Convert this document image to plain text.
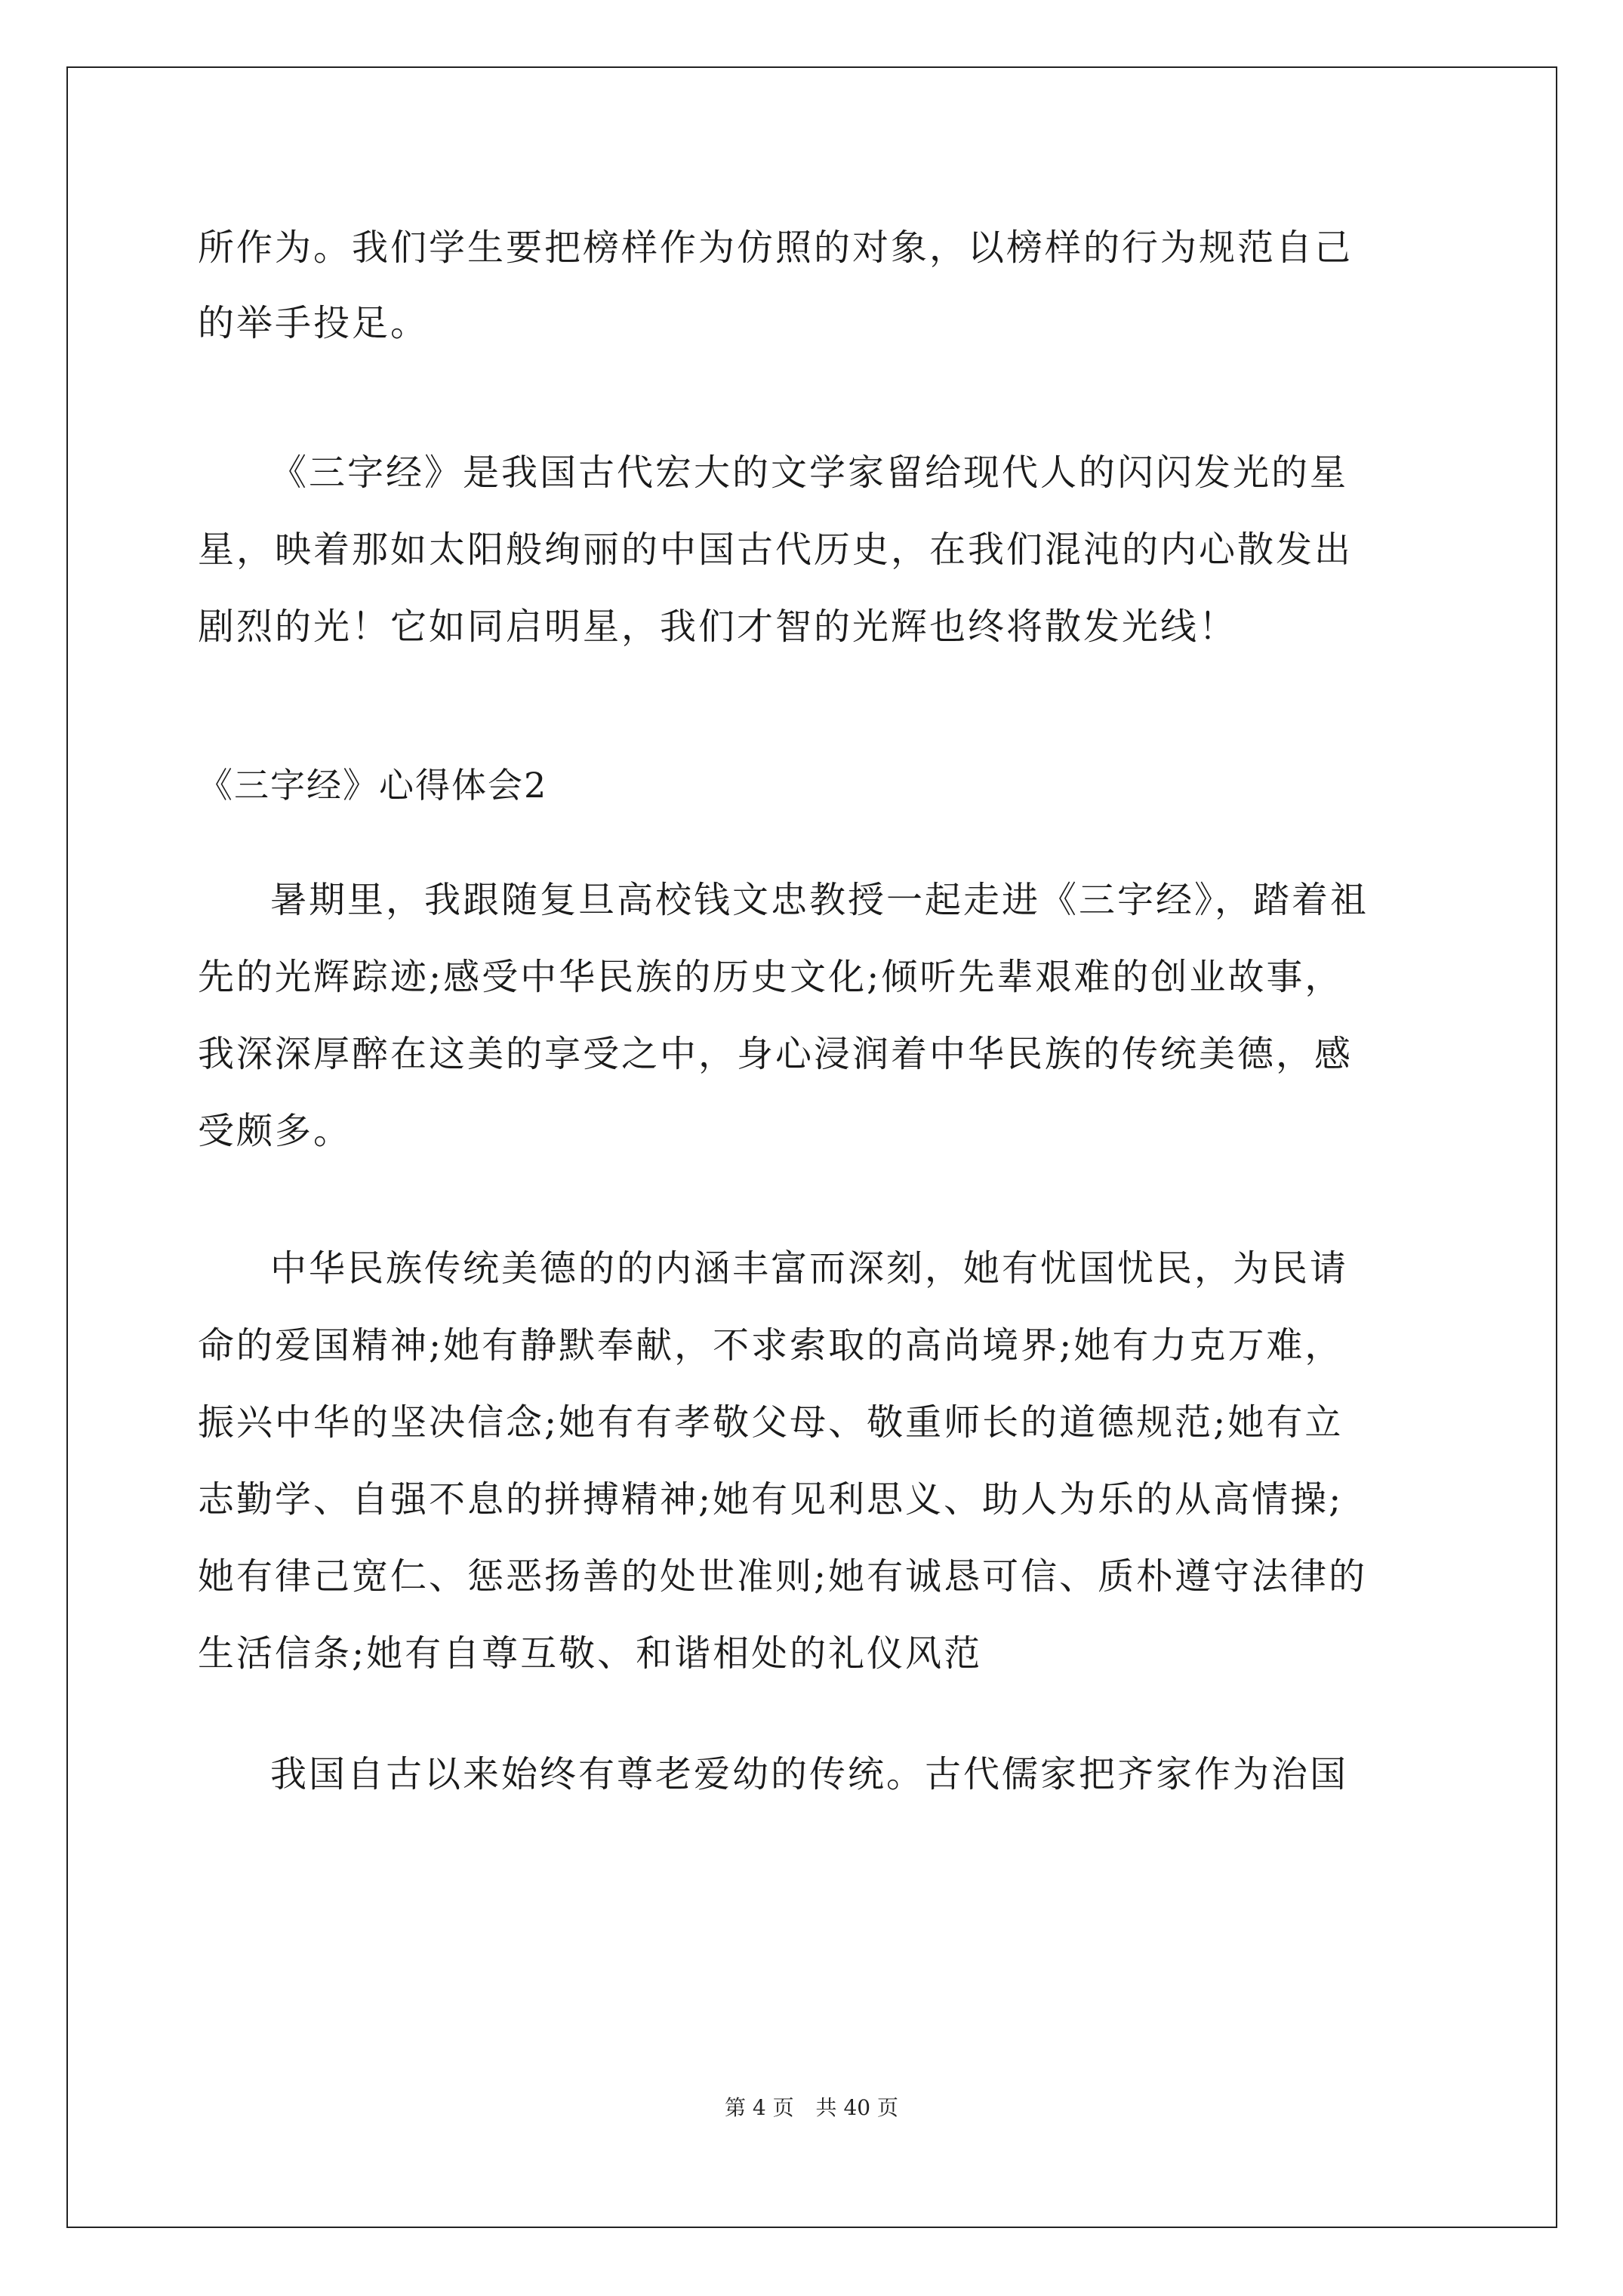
所作为。我们学生要把榜样作为仿照的对象，以榜样的行为规范自己
的举手投足。
《三字经》是我国古代宏大的文学家留给现代人的闪闪发光的星
星，映着那如太阳般绚丽的中国古代历史，在我们混沌的内心散发出
剧烈的光！它如同启明星，我们才智的光辉也终将散发光线！
《三字经》心得体会2
暑期里，我跟随复旦高校钱文忠教授一起走进《三字经》，踏着祖
先的光辉踪迹;感受中华民族的历史文化;倾听先辈艰难的创业故事，
我深深厚醉在这美的享受之中，身心浸润着中华民族的传统美德，感
受颇多。
中华民族传统美德的的内涵丰富而深刻，她有忧国忧民，为民请
命的爱国精神;她有静默奉献，不求索取的高尚境界;她有力克万难，
振兴中华的坚决信念;她有有孝敬父母、敬重师长的道德规范;她有立
志勤学、自强不息的拼搏精神;她有见利思义、助人为乐的从高情操;
她有律己宽仁、惩恶扬善的处世准则;她有诚恳可信、质朴遵守法律的
生活信条;她有自尊互敬、和谐相处的礼仪风范
我国自古以来始终有尊老爱幼的传统。古代儒家把齐家作为治国
第 4 页 共 40 页
